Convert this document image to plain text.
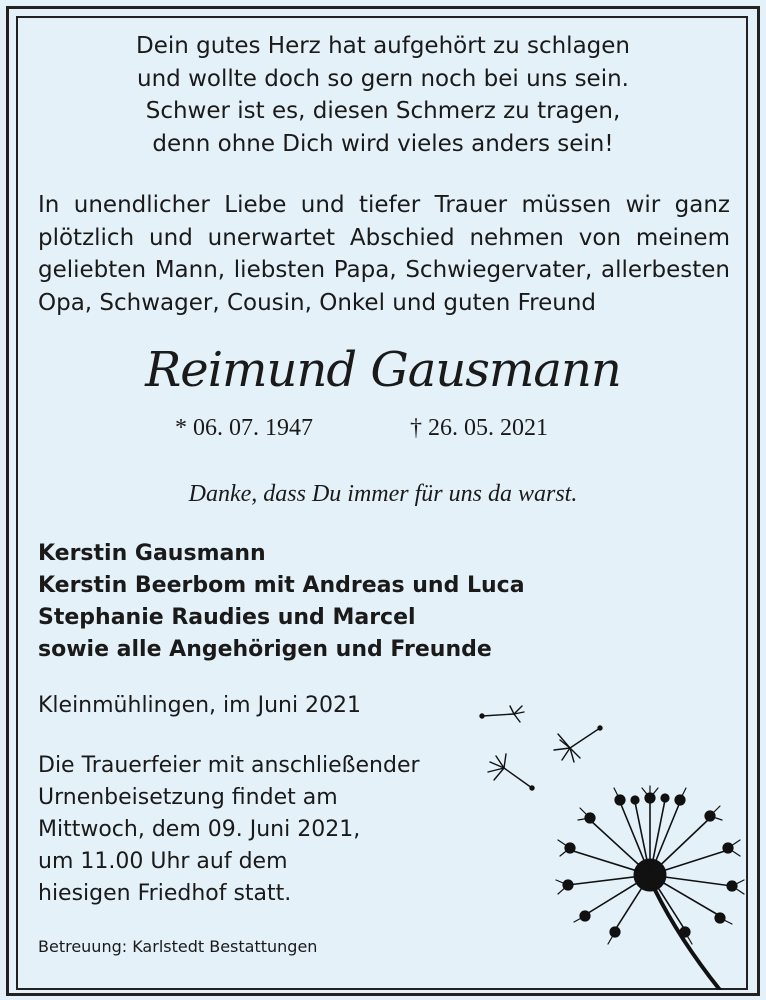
Dein gutes Herz hat aufgehört zu schlagen
und wollte doch so gern noch bei uns sein.
Schwer ist es, diesen Schmerz zu tragen,
denn ohne Dich wird vieles anders sein!
In unendlicher Liebe und tiefer Trauer müssen wir ganz
plötzlich und unerwartet Abschied nehmen von meinem
geliebten Mann, liebsten Papa, Schwiegervater, allerbesten
Opa, Schwager, Cousin, Onkel und guten Freund
Reimund Gausmann
* 06. 07. 1947	† 26. 05. 2021
Danke, dass Du immer für uns da warst.
Kerstin Gausmann
Kerstin Beerbom mit Andreas und Luca
Stephanie Raudies und Marcel
sowie alle Angehörigen und Freunde
Kleinmühlingen, im Juni 2021
Die Trauerfeier mit anschließender
Urnenbeisetzung findet am
Mittwoch, dem 09. Juni 2021,
um 11.00 Uhr auf dem
hiesigen Friedhof statt.
Betreuung: Karlstedt Bestattungen
